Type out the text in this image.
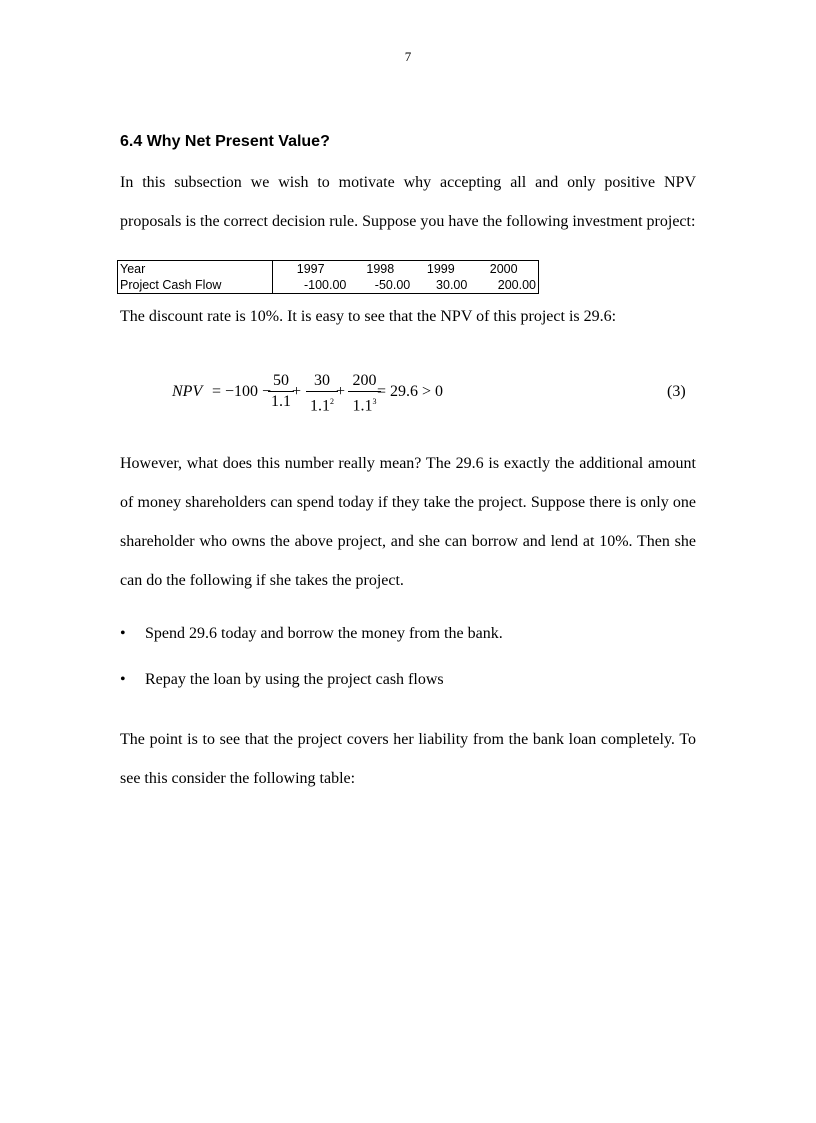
7
6.4 Why Net Present Value?

In this subsection we wish to motivate why accepting all and only positive NPV proposals is the correct decision rule. Suppose you have the following investment project:

Year	1997	1998	1999	2000
Project Cash Flow	-100.00	-50.00	30.00	200.00

The discount rate is 10%. It is easy to see that the NPV of this project is 29.6:

NPV = −100 −
50
1.1
+
30
$1.1^2$
+
200
$1.1^3$
= 29.6 > 0	(3)

However, what does this number really mean? The 29.6 is exactly the additional amount of money shareholders can spend today if they take the project. Suppose there is only one shareholder who owns the above project, and she can borrow and lend at 10%. Then she can do the following if she takes the project.

• Spend 29.6 today and borrow the money from the bank.
• Repay the loan by using the project cash flows

The point is to see that the project covers her liability from the bank loan completely. To see this consider the following table:
